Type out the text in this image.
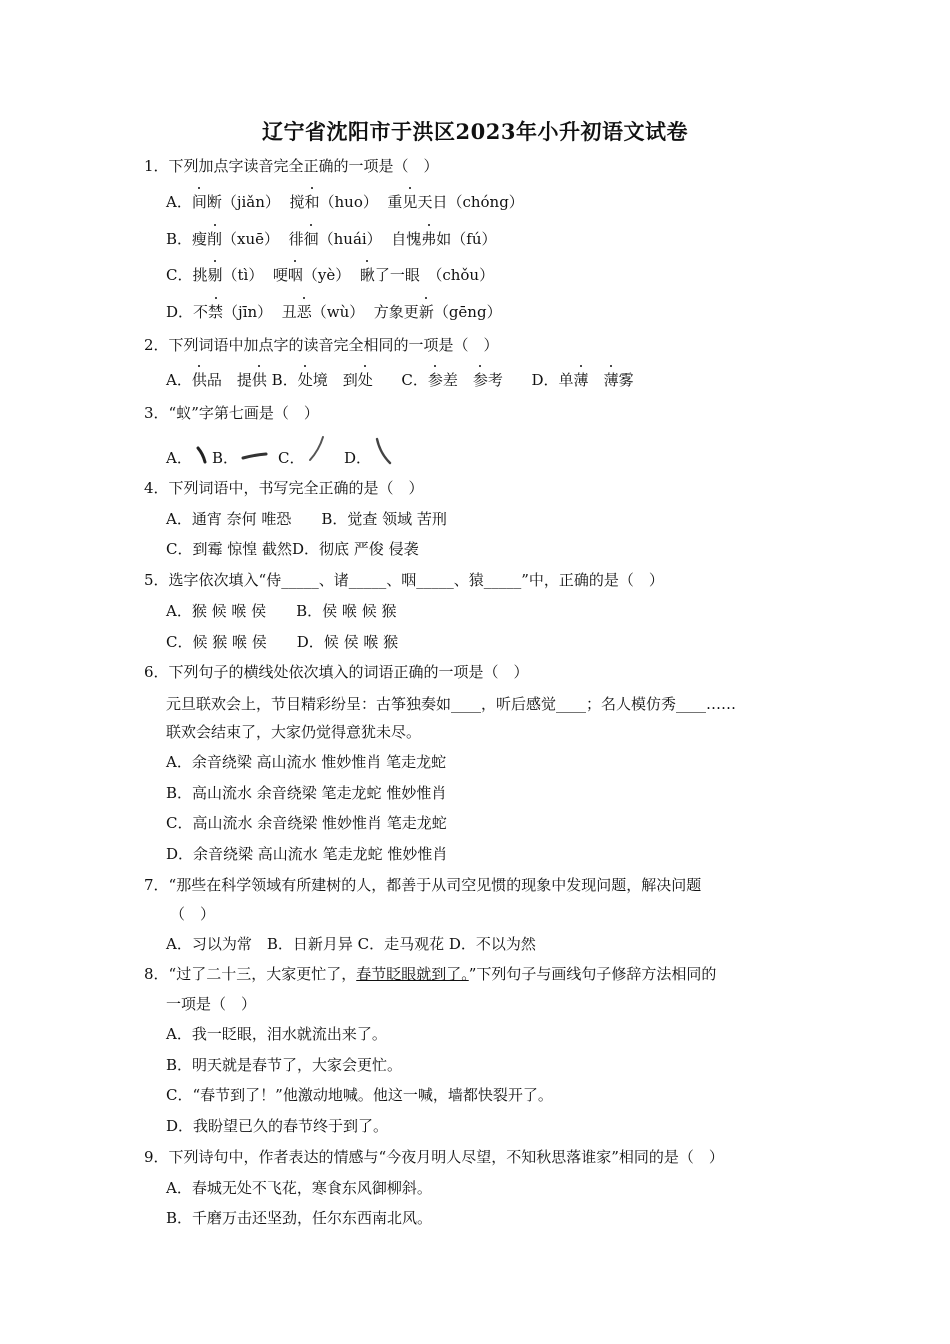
辽宁省沈阳市于洪区2023年小升初语文试卷
1．下列加点字读音完全正确的一项是（　）
A．间断（jiǎn） 搅和（huo） 重见天日（chóng）
B．瘦削（xuē） 徘徊（huái） 自愧弗如（fú）
C．挑剔（tì） 哽咽（yè） 瞅了一眼　（chǒu）
D．不禁（jīn） 丑恶（wù） 方象更新（gēng）
2．下列词语中加点字的读音完全相同的一项是（　）
A．供品　提供 B．处境　到处 C．参差　参考 D．单薄　 薄雾
3．“蚁”字第七画是（　）
A． B．	C．	D．
4．下列词语中，书写完全正确的是（　）
A．通宵 奈何 唯恐　　B．觉查 领域 苦刑
C．到霉 惊惶 截然D．彻底 严俊 侵袭
5．选字依次填入“侍_____、诸_____、咽_____、猿_____”中，正确的是（　）
A．猴 候 喉 侯　　B．侯 喉 候 猴
C．候 猴 喉 侯　　D．候 侯 喉 猴
6．下列句子的横线处依次填入的词语正确的一项是（　）
元旦联欢会上，节目精彩纷呈：古筝独奏如____，听后感觉____；名人模仿秀____……
联欢会结束了，大家仍觉得意犹未尽。
A．余音绕梁 高山流水 惟妙惟肖 笔走龙蛇
B．高山流水 余音绕梁 笔走龙蛇 惟妙惟肖
C．高山流水 余音绕梁 惟妙惟肖 笔走龙蛇
D．余音绕梁 高山流水 笔走龙蛇 惟妙惟肖
7．“那些在科学领域有所建树的人，都善于从司空见惯的现象中发现问题，解决问题
（　）
A．习以为常　B．日新月异 C．走马观花 D．不以为然
8．“过了二十三，大家更忙了，春节眨眼就到了。”下列句子与画线句子修辞方法相同的
一项是（　）
A．我一眨眼，泪水就流出来了。
B．明天就是春节了，大家会更忙。
C．“春节到了！”他激动地喊。他这一喊，墙都快裂开了。
D．我盼望已久的春节终于到了。
9．下列诗句中，作者表达的情感与“今夜月明人尽望，不知秋思落谁家”相同的是（　）
A．春城无处不飞花，寒食东风御柳斜。
B．千磨万击还坚劲，任尔东西南北风。
